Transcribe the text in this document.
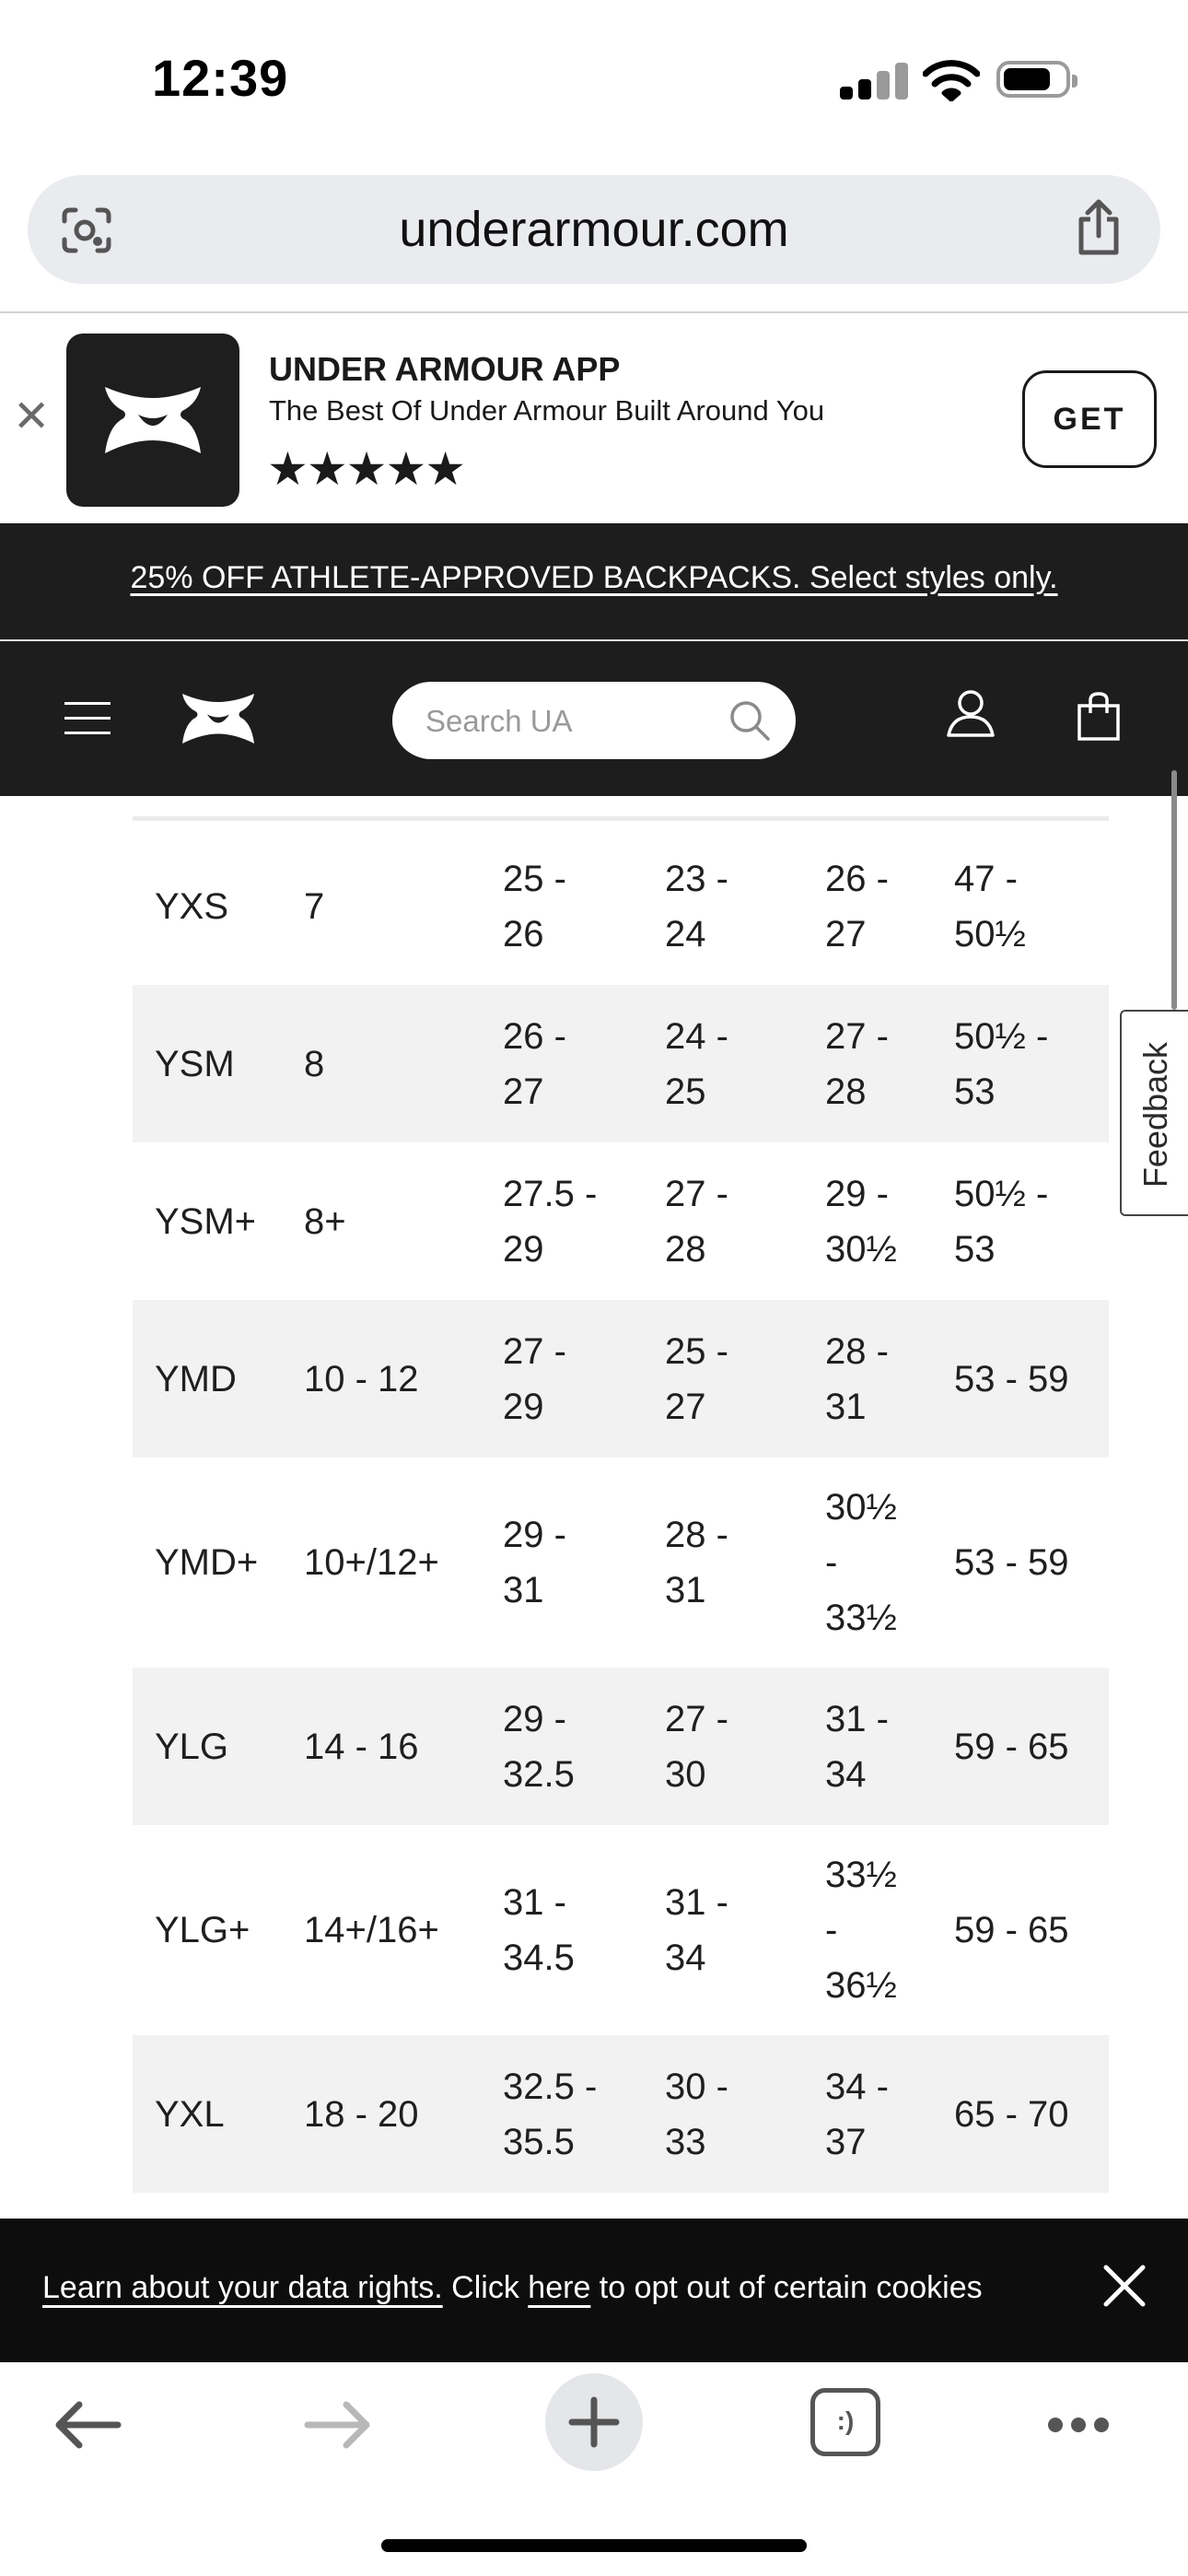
12:39
underarmour.com
✕
UNDER ARMOUR APP
The Best Of Under Armour Built Around You
★★★★★
GET
25% OFF ATHLETE-APPROVED BACKPACKS. Select styles only.
Search UA
YXS 7
25 -
26
23 -
24
26 -
27
47 -
50½
YSM 8
26 -
27
24 -
25
27 -
28
50½ -
53
YSM+ 8+
27.5 -
29
27 -
28
29 -
30½
50½ -
53
YMD 10 - 12
27 -
29
25 -
27
28 -
31
53 - 59
YMD+ 10+/12+
29 -
31
28 -
31
30½
-
33½
53 - 59
YLG 14 - 16
29 -
32.5
27 -
30
31 -
34
59 - 65
YLG+ 14+/16+
31 -
34.5
31 -
34
33½
-
36½
59 - 65
YXL 18 - 20
32.5 -
35.5
30 -
33
34 -
37
65 - 70
Feedback
Learn about your data rights. Click here to opt out of certain cookies
:)
